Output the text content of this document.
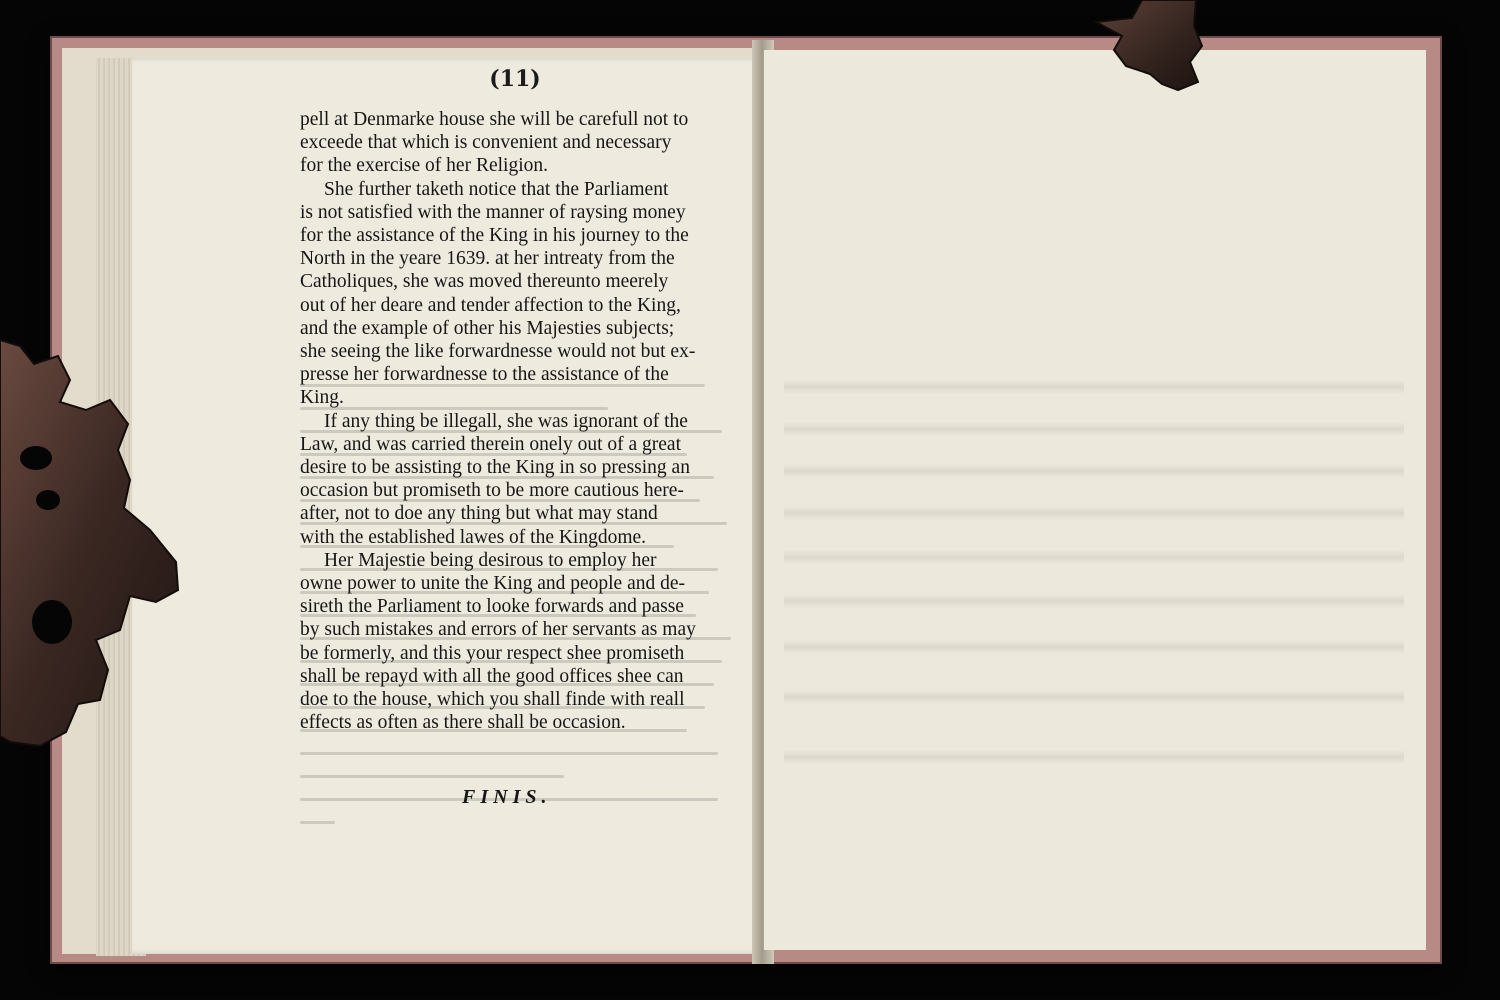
(11)

pell at Denmarke house she will be carefull not to
exceede that which is convenient and necessary
for the exercise of her Religion.

She further taketh notice that the Parliament
is not satisfied with the manner of raysing money
for the assistance of the King in his journey to the
North in the yeare 1639. at her intreaty from the
Catholiques, she was moved thereunto meerely
out of her deare and tender affection to the King,
and the example of other his Majesties subjects;
she seeing the like forwardnesse would not but ex-
presse her forwardnesse to the assistance of the
King.

If any thing be illegall, she was ignorant of the
Law, and was carried therein onely out of a great
desire to be assisting to the King in so pressing an
occasion but promiseth to be more cautious here-
after, not to doe any thing but what may stand
with the established lawes of the Kingdome.

Her Majestie being desirous to employ her
owne power to unite the King and people and de-
sireth the Parliament to looke forwards and passe
by such mistakes and errors of her servants as may
be formerly, and this your respect shee promiseth
shall be repayd with all the good offices shee can
doe to the house, which you shall finde with reall
effects as often as there shall be occasion.

FINIS.
